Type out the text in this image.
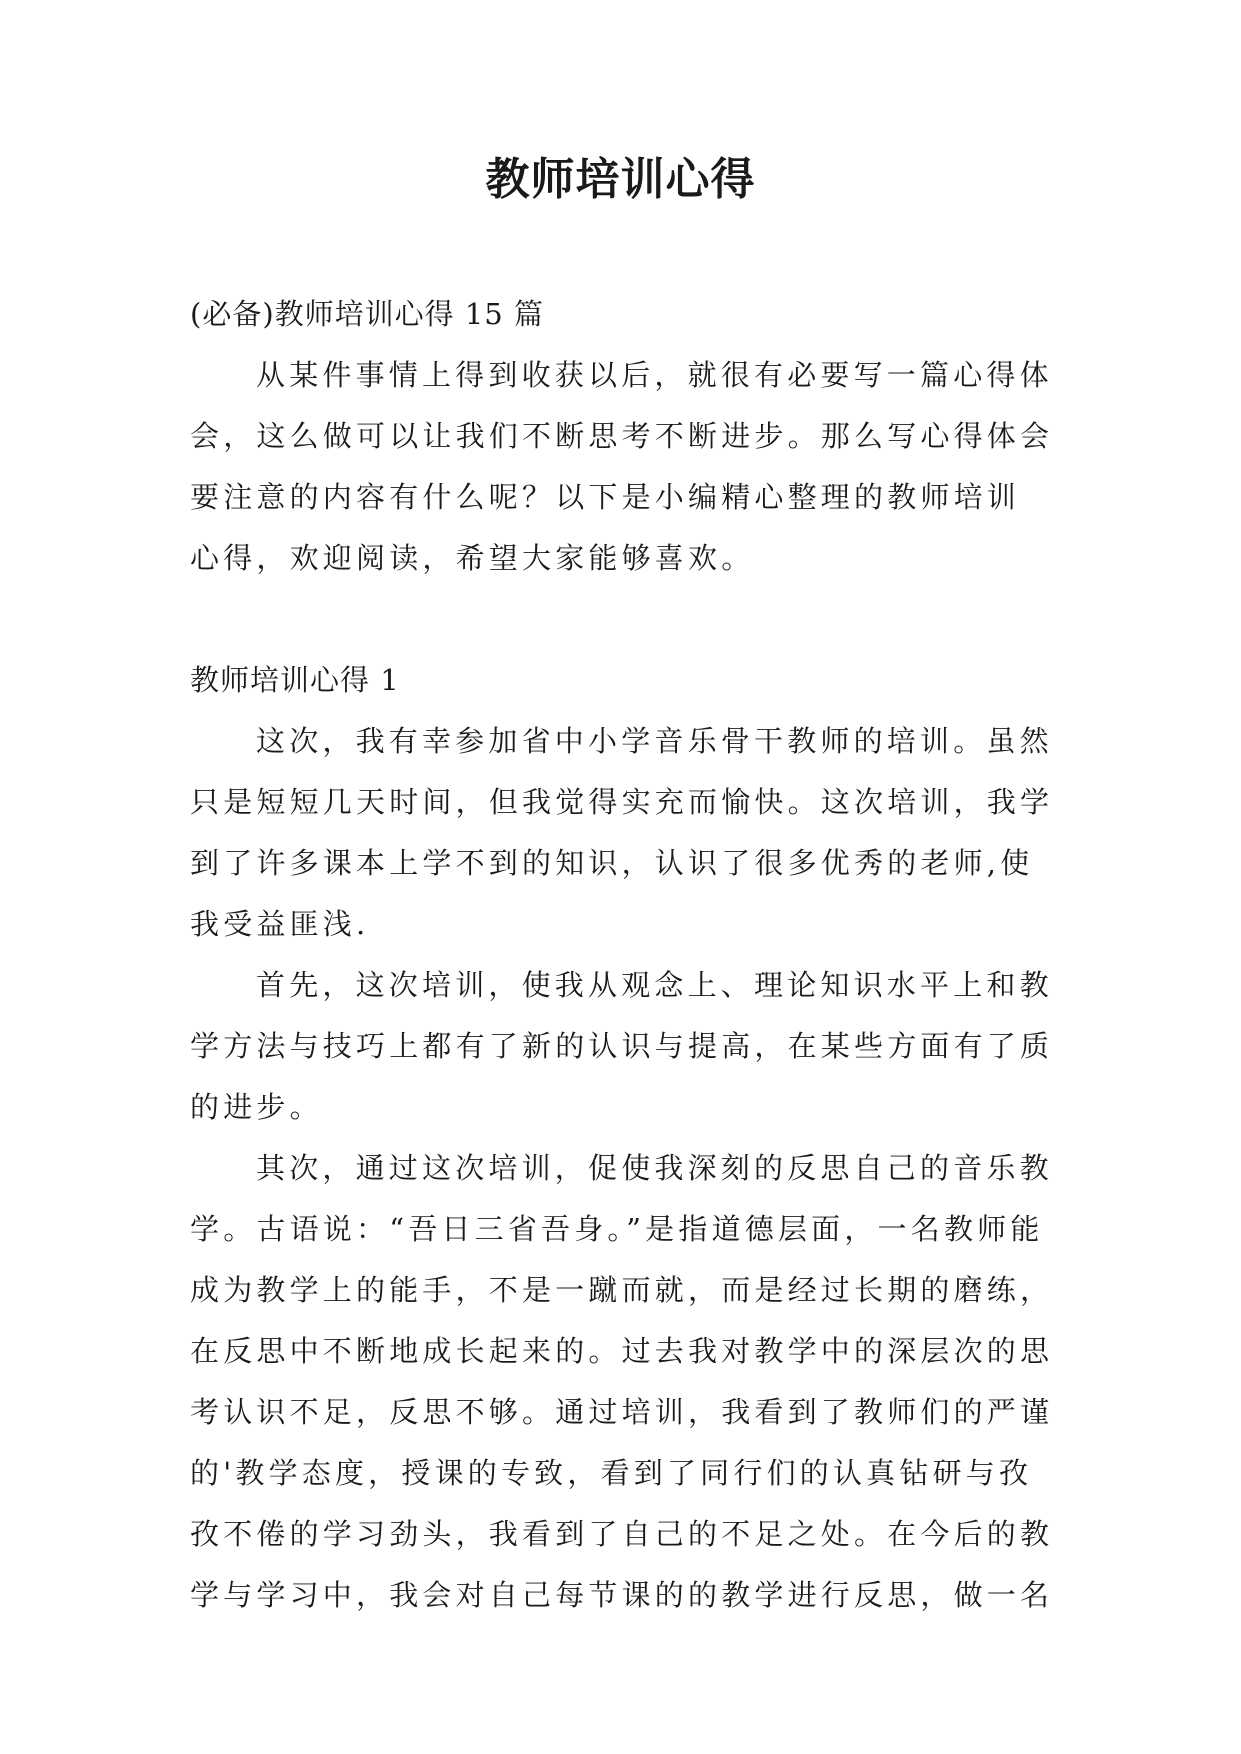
教师培训心得

(必备)教师培训心得 15 篇

从某件事情上得到收获以后，就很有必要写一篇心得体

会，这么做可以让我们不断思考不断进步。那么写心得体会

要注意的内容有什么呢？以下是小编精心整理的教师培训

心得，欢迎阅读，希望大家能够喜欢。

教师培训心得 1

这次，我有幸参加省中小学音乐骨干教师的培训。虽然

只是短短几天时间，但我觉得实充而愉快。这次培训，我学

到了许多课本上学不到的知识，认识了很多优秀的老师,使

我受益匪浅.

首先，这次培训，使我从观念上、理论知识水平上和教

学方法与技巧上都有了新的认识与提高，在某些方面有了质

的进步。

其次，通过这次培训，促使我深刻的反思自己的音乐教

学。古语说：“吾日三省吾身。”是指道德层面，一名教师能

成为教学上的能手，不是一蹴而就，而是经过长期的磨练，

在反思中不断地成长起来的。过去我对教学中的深层次的思

考认识不足，反思不够。通过培训，我看到了教师们的严谨

的'教学态度，授课的专致，看到了同行们的认真钻研与孜

孜不倦的学习劲头，我看到了自己的不足之处。在今后的教

学与学习中，我会对自己每节课的的教学进行反思，做一名
